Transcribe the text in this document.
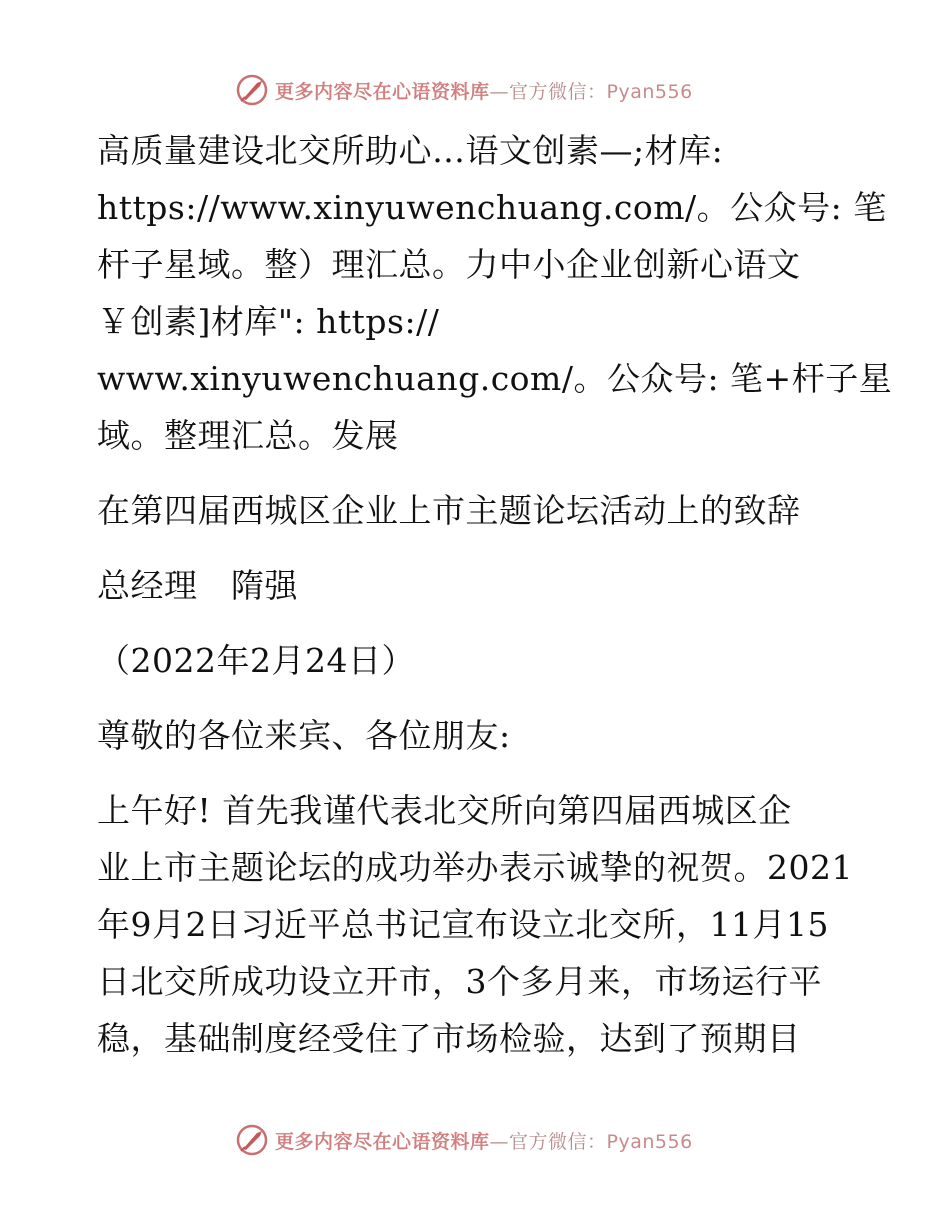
更多内容尽在心语资料库—官方微信：Pyan556
高质量建设北交所助心…语文创素—;材库:
https://www.xinyuwenchuang.com/。公众号: 笔
杆子星域。整）理汇总。力中小企业创新心语文
￥创素]材库": https://
www.xinyuwenchuang.com/。公众号: 笔+杆子星
域。整理汇总。发展
在第四届西城区企业上市主题论坛活动上的致辞
总经理　隋强
（2022年2月24日）
尊敬的各位来宾、各位朋友:
上午好! 首先我谨代表北交所向第四届西城区企
业上市主题论坛的成功举办表示诚挚的祝贺。2021
年9月2日习近平总书记宣布设立北交所，11月15
日北交所成功设立开市，3个多月来，市场运行平
稳，基础制度经受住了市场检验，达到了预期目
更多内容尽在心语资料库—官方微信：Pyan556
